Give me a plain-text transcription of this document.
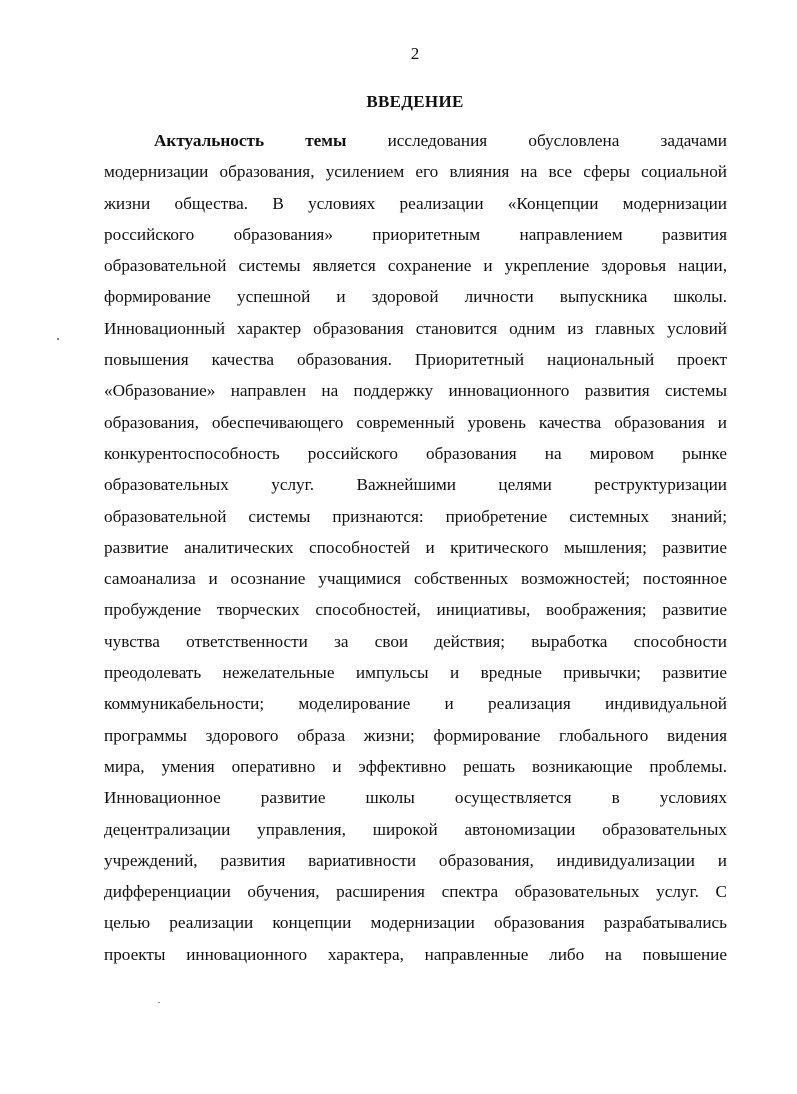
2
ВВЕДЕНИЕ
Актуальность темы исследования обусловлена задачами
модернизации образования, усилением его влияния на все сферы социальной
жизни общества. В условиях реализации «Концепции модернизации
российского образования» приоритетным направлением развития
образовательной системы является сохранение и укрепление здоровья нации,
формирование успешной и здоровой личности выпускника школы.
Инновационный характер образования становится одним из главных условий
повышения качества образования. Приоритетный национальный проект
«Образование» направлен на поддержку инновационного развития системы
образования, обеспечивающего современный уровень качества образования и
конкурентоспособность российского образования на мировом рынке
образовательных услуг. Важнейшими целями реструктуризации
образовательной системы признаются: приобретение системных знаний;
развитие аналитических способностей и критического мышления; развитие
самоанализа и осознание учащимися собственных возможностей; постоянное
пробуждение творческих способностей, инициативы, воображения; развитие
чувства ответственности за свои действия; выработка способности
преодолевать нежелательные импульсы и вредные привычки; развитие
коммуникабельности; моделирование и реализация индивидуальной
программы здорового образа жизни; формирование глобального видения
мира, умения оперативно и эффективно решать возникающие проблемы.
Инновационное развитие школы осуществляется в условиях
децентрализации управления, широкой автономизации образовательных
учреждений, развития вариативности образования, индивидуализации и
дифференциации обучения, расширения спектра образовательных услуг. С
целью реализации концепции модернизации образования разрабатывались
проекты инновационного характера, направленные либо на повышение
